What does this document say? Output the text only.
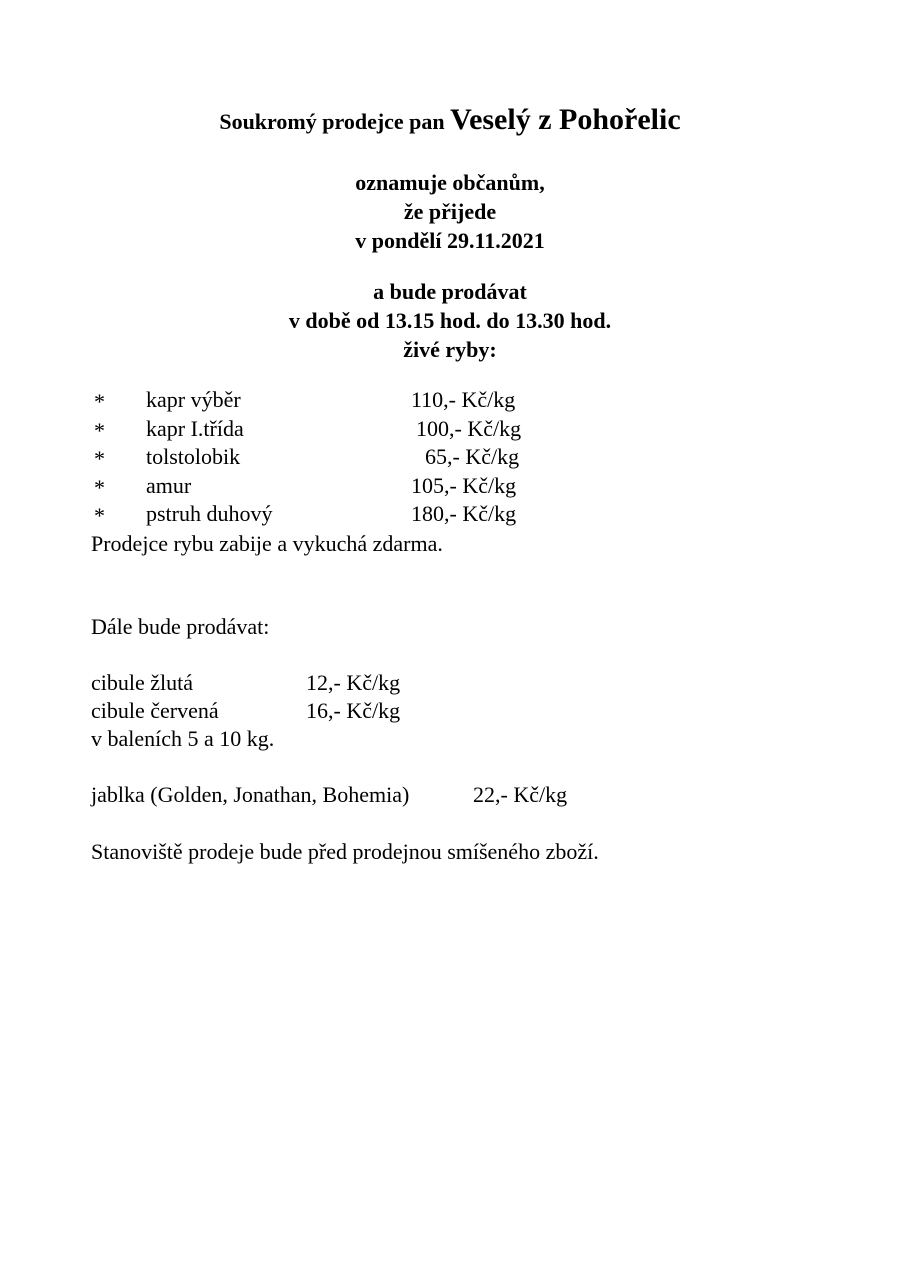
Soukromý prodejce pan Veselý z Pohořelic
oznamuje občanům,
že přijede
v pondělí 29.11.2021
a bude prodávat
v době od 13.15 hod. do 13.30 hod.
živé ryby:
* kapr výběr	110,- Kč/kg
* kapr I.třída	100,- Kč/kg
* tolstolobik	65,- Kč/kg
* amur	105,- Kč/kg
* pstruh duhový	180,- Kč/kg
Prodejce rybu zabije a vykuchá zdarma.
Dále bude prodávat:
cibule žlutá	12,- Kč/kg
cibule červená	16,- Kč/kg
v baleních 5 a 10 kg.
jablka (Golden, Jonathan, Bohemia)	22,- Kč/kg
Stanoviště prodeje bude před prodejnou smíšeného zboží.
